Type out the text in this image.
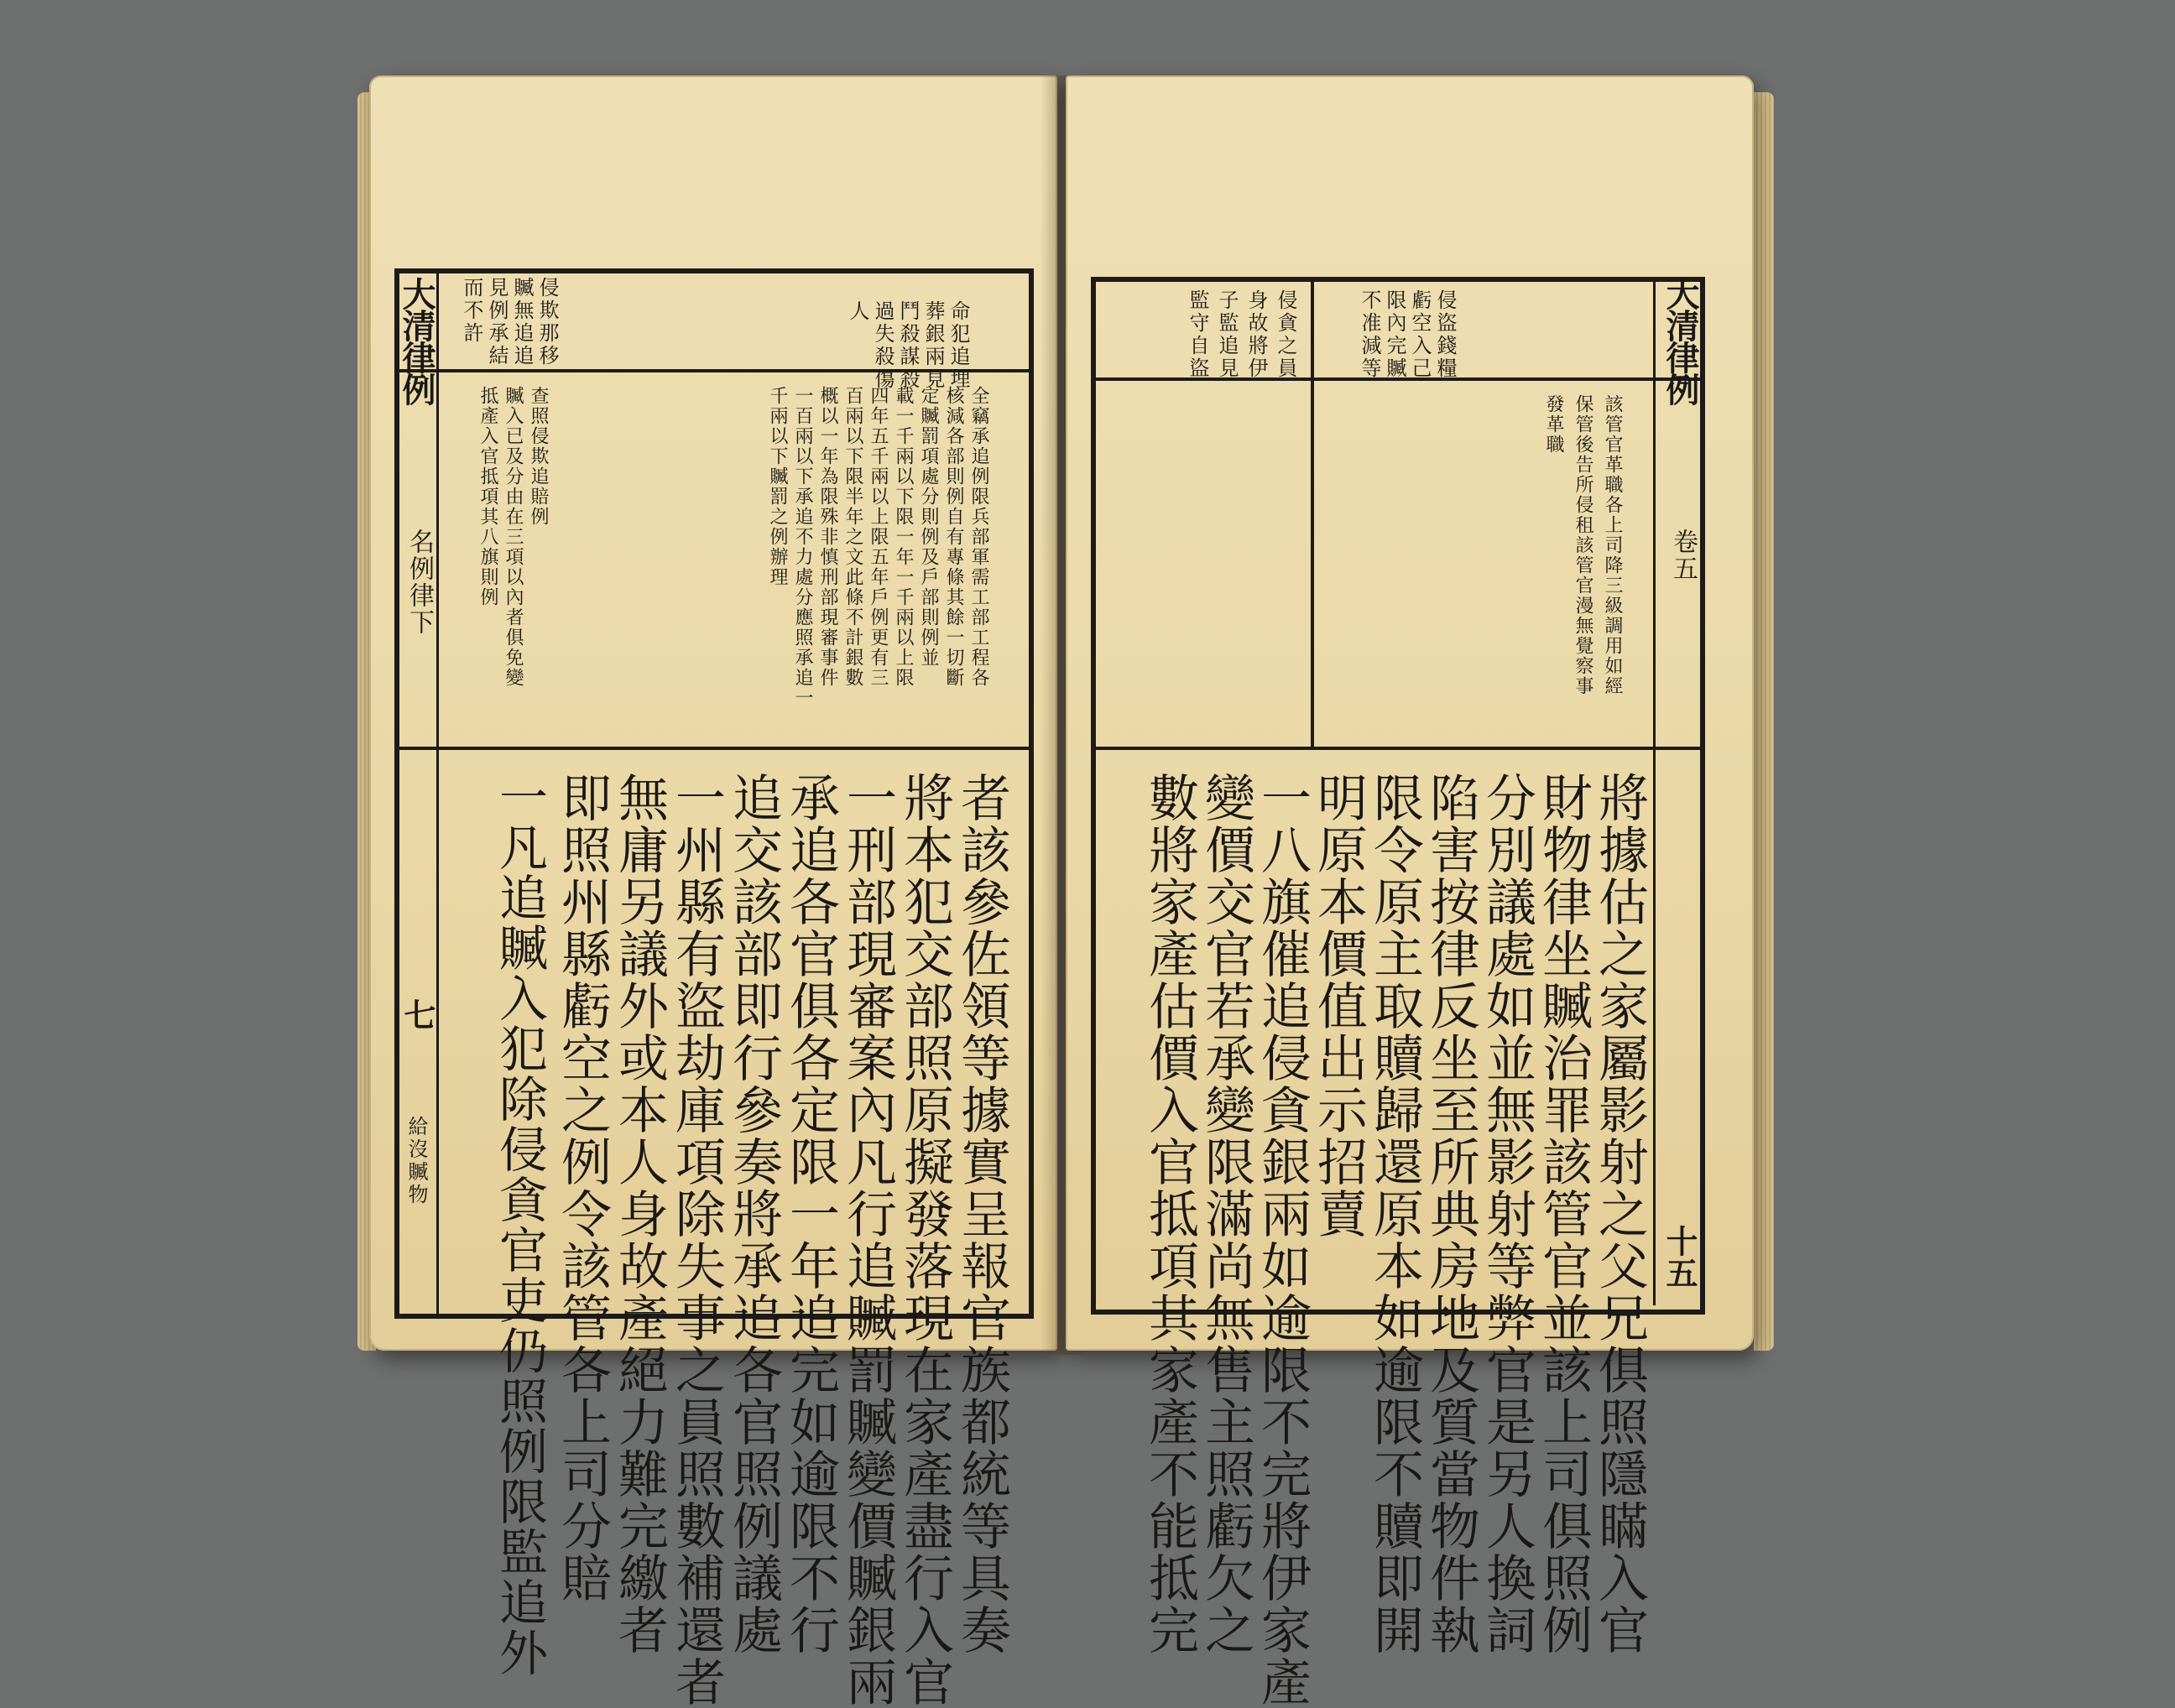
大清律例
名例律下
七
給沒贓物
命犯追埋
葬銀兩見
鬥殺謀殺
過失殺傷
人
侵欺那移
贓無追追
見例承結
而不許
全竊承追例限兵部軍需工部工程各
核減各部則例自有專條其餘一切斷
定贓罰項處分則例及戶部則例並
載一千兩以下限一年一千兩以上限
四年五千兩以上限五年戶例更有三
百兩以下限半年之文此條不計銀數
概以一年為限殊非慎刑部現審事件
一百兩以下承追不力處分應照承追一
千兩以下贓罰之例辦理
查照侵欺追賠例
贓入已及分由在三項以內者俱免變
抵產入官抵項其八旗則例
者該參佐領等據實呈報官族都統等具奏
將本犯交部照原擬發落現在家產盡行入官
一刑部現審案內凡行追贓罰贓變價贓銀兩
承追各官俱各定限一年追完如逾限不行
追交該部即行參奏將承追各官照例議處
一州縣有盜劫庫項除失事之員照數補還者
無庸另議外或本人身故產絕力難完繳者
即照州縣虧空之例令該管各上司分賠
一凡追贓入犯除侵貪官吏仍照例限監追外
大清律例
卷五
十五
侵盜錢糧
虧空入己
限內完贓
不准減等
侵貪之員
身故將伊
子監追見
監守自盜
該管官革職各上司降三級調用如經
保管後告所侵租該管官漫無覺察事
發革職
將據估之家屬影射之父兄俱照隱瞞入官
財物律坐贓治罪該管官並該上司俱照例
分別議處如並無影射等弊官是另人換詞
陷害按律反坐至所典房地及質當物件執
限令原主取贖歸還原本如逾限不贖即開
明原本價值出示招賣
一八旗催追侵貪銀兩如逾限不完將伊家產
變價交官若承變限滿尚無售主照虧欠之
數將家產估價入官抵項其家產不能抵完
